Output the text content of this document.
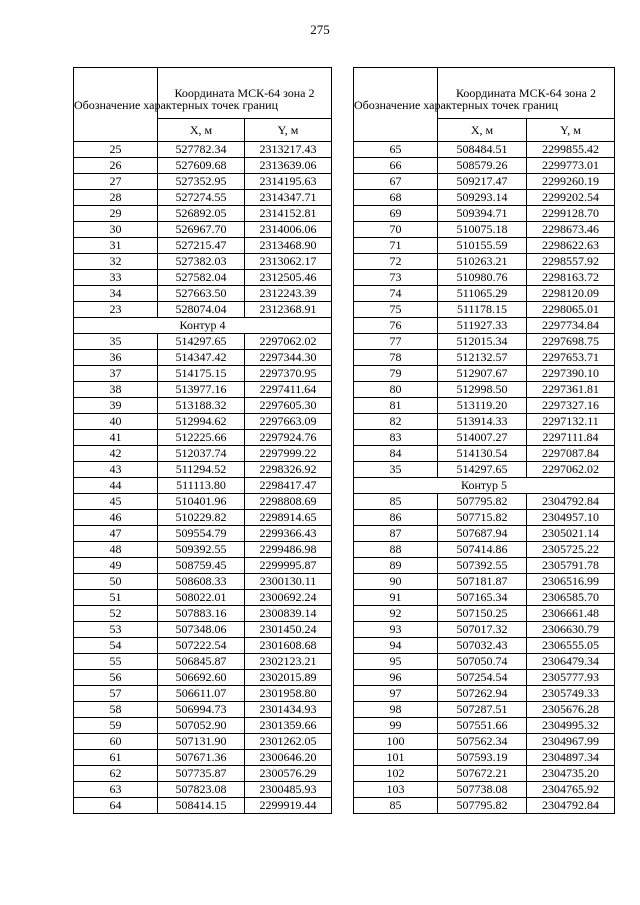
275
Обозначение характерных точек границ	Координата МСК-64 зона 2	
	X, м	Y, м
25	527782.34	2313217.43
26	527609.68	2313639.06
27	527352.95	2314195.63
28	527274.55	2314347.71
29	526892.05	2314152.81
30	526967.70	2314006.06
31	527215.47	2313468.90
32	527382.03	2313062.17
33	527582.04	2312505.46
34	527663.50	2312243.39
23	528074.04	2312368.91
Контур 4		
35	514297.65	2297062.02
36	514347.42	2297344.30
37	514175.15	2297370.95
38	513977.16	2297411.64
39	513188.32	2297605.30
40	512994.62	2297663.09
41	512225.66	2297924.76
42	512037.74	2297999.22
43	511294.52	2298326.92
44	511113.80	2298417.47
45	510401.96	2298808.69
46	510229.82	2298914.65
47	509554.79	2299366.43
48	509392.55	2299486.98
49	508759.45	2299995.87
50	508608.33	2300130.11
51	508022.01	2300692.24
52	507883.16	2300839.14
53	507348.06	2301450.24
54	507222.54	2301608.68
55	506845.87	2302123.21
56	506692.60	2302015.89
57	506611.07	2301958.80
58	506994.73	2301434.93
59	507052.90	2301359.66
60	507131.90	2301262.05
61	507671.36	2300646.20
62	507735.87	2300576.29
63	507823.08	2300485.93
64	508414.15	2299919.44
Обозначение характерных точек границ	Координата МСК-64 зона 2	
	X, м	Y, м
65	508484.51	2299855.42
66	508579.26	2299773.01
67	509217.47	2299260.19
68	509293.14	2299202.54
69	509394.71	2299128.70
70	510075.18	2298673.46
71	510155.59	2298622.63
72	510263.21	2298557.92
73	510980.76	2298163.72
74	511065.29	2298120.09
75	511178.15	2298065.01
76	511927.33	2297734.84
77	512015.34	2297698.75
78	512132.57	2297653.71
79	512907.67	2297390.10
80	512998.50	2297361.81
81	513119.20	2297327.16
82	513914.33	2297132.11
83	514007.27	2297111.84
84	514130.54	2297087.84
35	514297.65	2297062.02
Контур 5		
85	507795.82	2304792.84
86	507715.82	2304957.10
87	507687.94	2305021.14
88	507414.86	2305725.22
89	507392.55	2305791.78
90	507181.87	2306516.99
91	507165.34	2306585.70
92	507150.25	2306661.48
93	507017.32	2306630.79
94	507032.43	2306555.05
95	507050.74	2306479.34
96	507254.54	2305777.93
97	507262.94	2305749.33
98	507287.51	2305676.28
99	507551.66	2304995.32
100	507562.34	2304967.99
101	507593.19	2304897.34
102	507672.21	2304735.20
103	507738.08	2304765.92
85	507795.82	2304792.84
